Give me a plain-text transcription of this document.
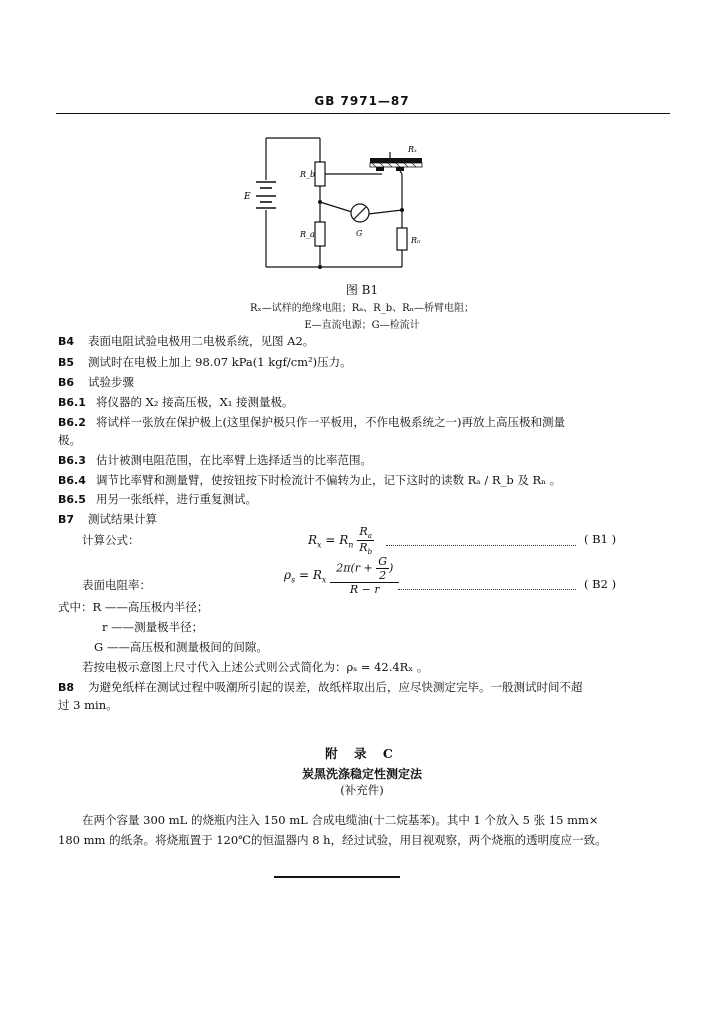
GB 7971—87
Rₓ
R_b
E
G
R_a
Rₙ
图 B1
Rₓ—试样的绝缘电阻；Rₐ、R_b、Rₙ—桥臂电阻；
E—直流电源；G—检流计
B4 表面电阻试验电极用二电极系统，见图 A2。
B5 测试时在电极上加上 98.07 kPa(1 kgf/cm²)压力。
B6 试验步骤
B6.1 将仪器的 X₂ 接高压极，X₁ 接测量极。
B6.2 将试样一张放在保护极上(这里保护极只作一平板用，不作电极系统之一)再放上高压极和测量
极。
B6.3 估计被测电阻范围，在比率臂上选择适当的比率范围。
B6.4 调节比率臂和测量臂，使按钮按下时检流计不偏转为止，记下这时的读数 Rₐ / R_b 及 Rₙ 。
B6.5 用另一张纸样，进行重复测试。
B7 测试结果计算
计算公式：	$R_x = R_n \frac{R_a}{R_b}$	( B1 )
表面电阻率：
$\rho_s = R_x \frac{2\pi(r + \frac{G}{2} )}{R - r}$	( B2 )
式中：R ——高压极内半径；
r ——测量极半径；
G ——高压极和测量极间的间隙。
若按电极示意图上尺寸代入上述公式则公式简化为：ρₛ = 42.4Rₓ 。
B8 为避免纸样在测试过程中吸潮所引起的误差，故纸样取出后，应尽快测定完毕。一般测试时间不超
过 3 min。
附 录 C
炭黑洗涤稳定性测定法
(补充件)
在两个容量 300 mL 的烧瓶内注入 150 mL 合成电缆油(十二烷基苯)。其中 1 个放入 5 张 15 mm×
180 mm 的纸条。将烧瓶置于 120℃的恒温器内 8 h，经过试验，用目视观察，两个烧瓶的透明度应一致。
